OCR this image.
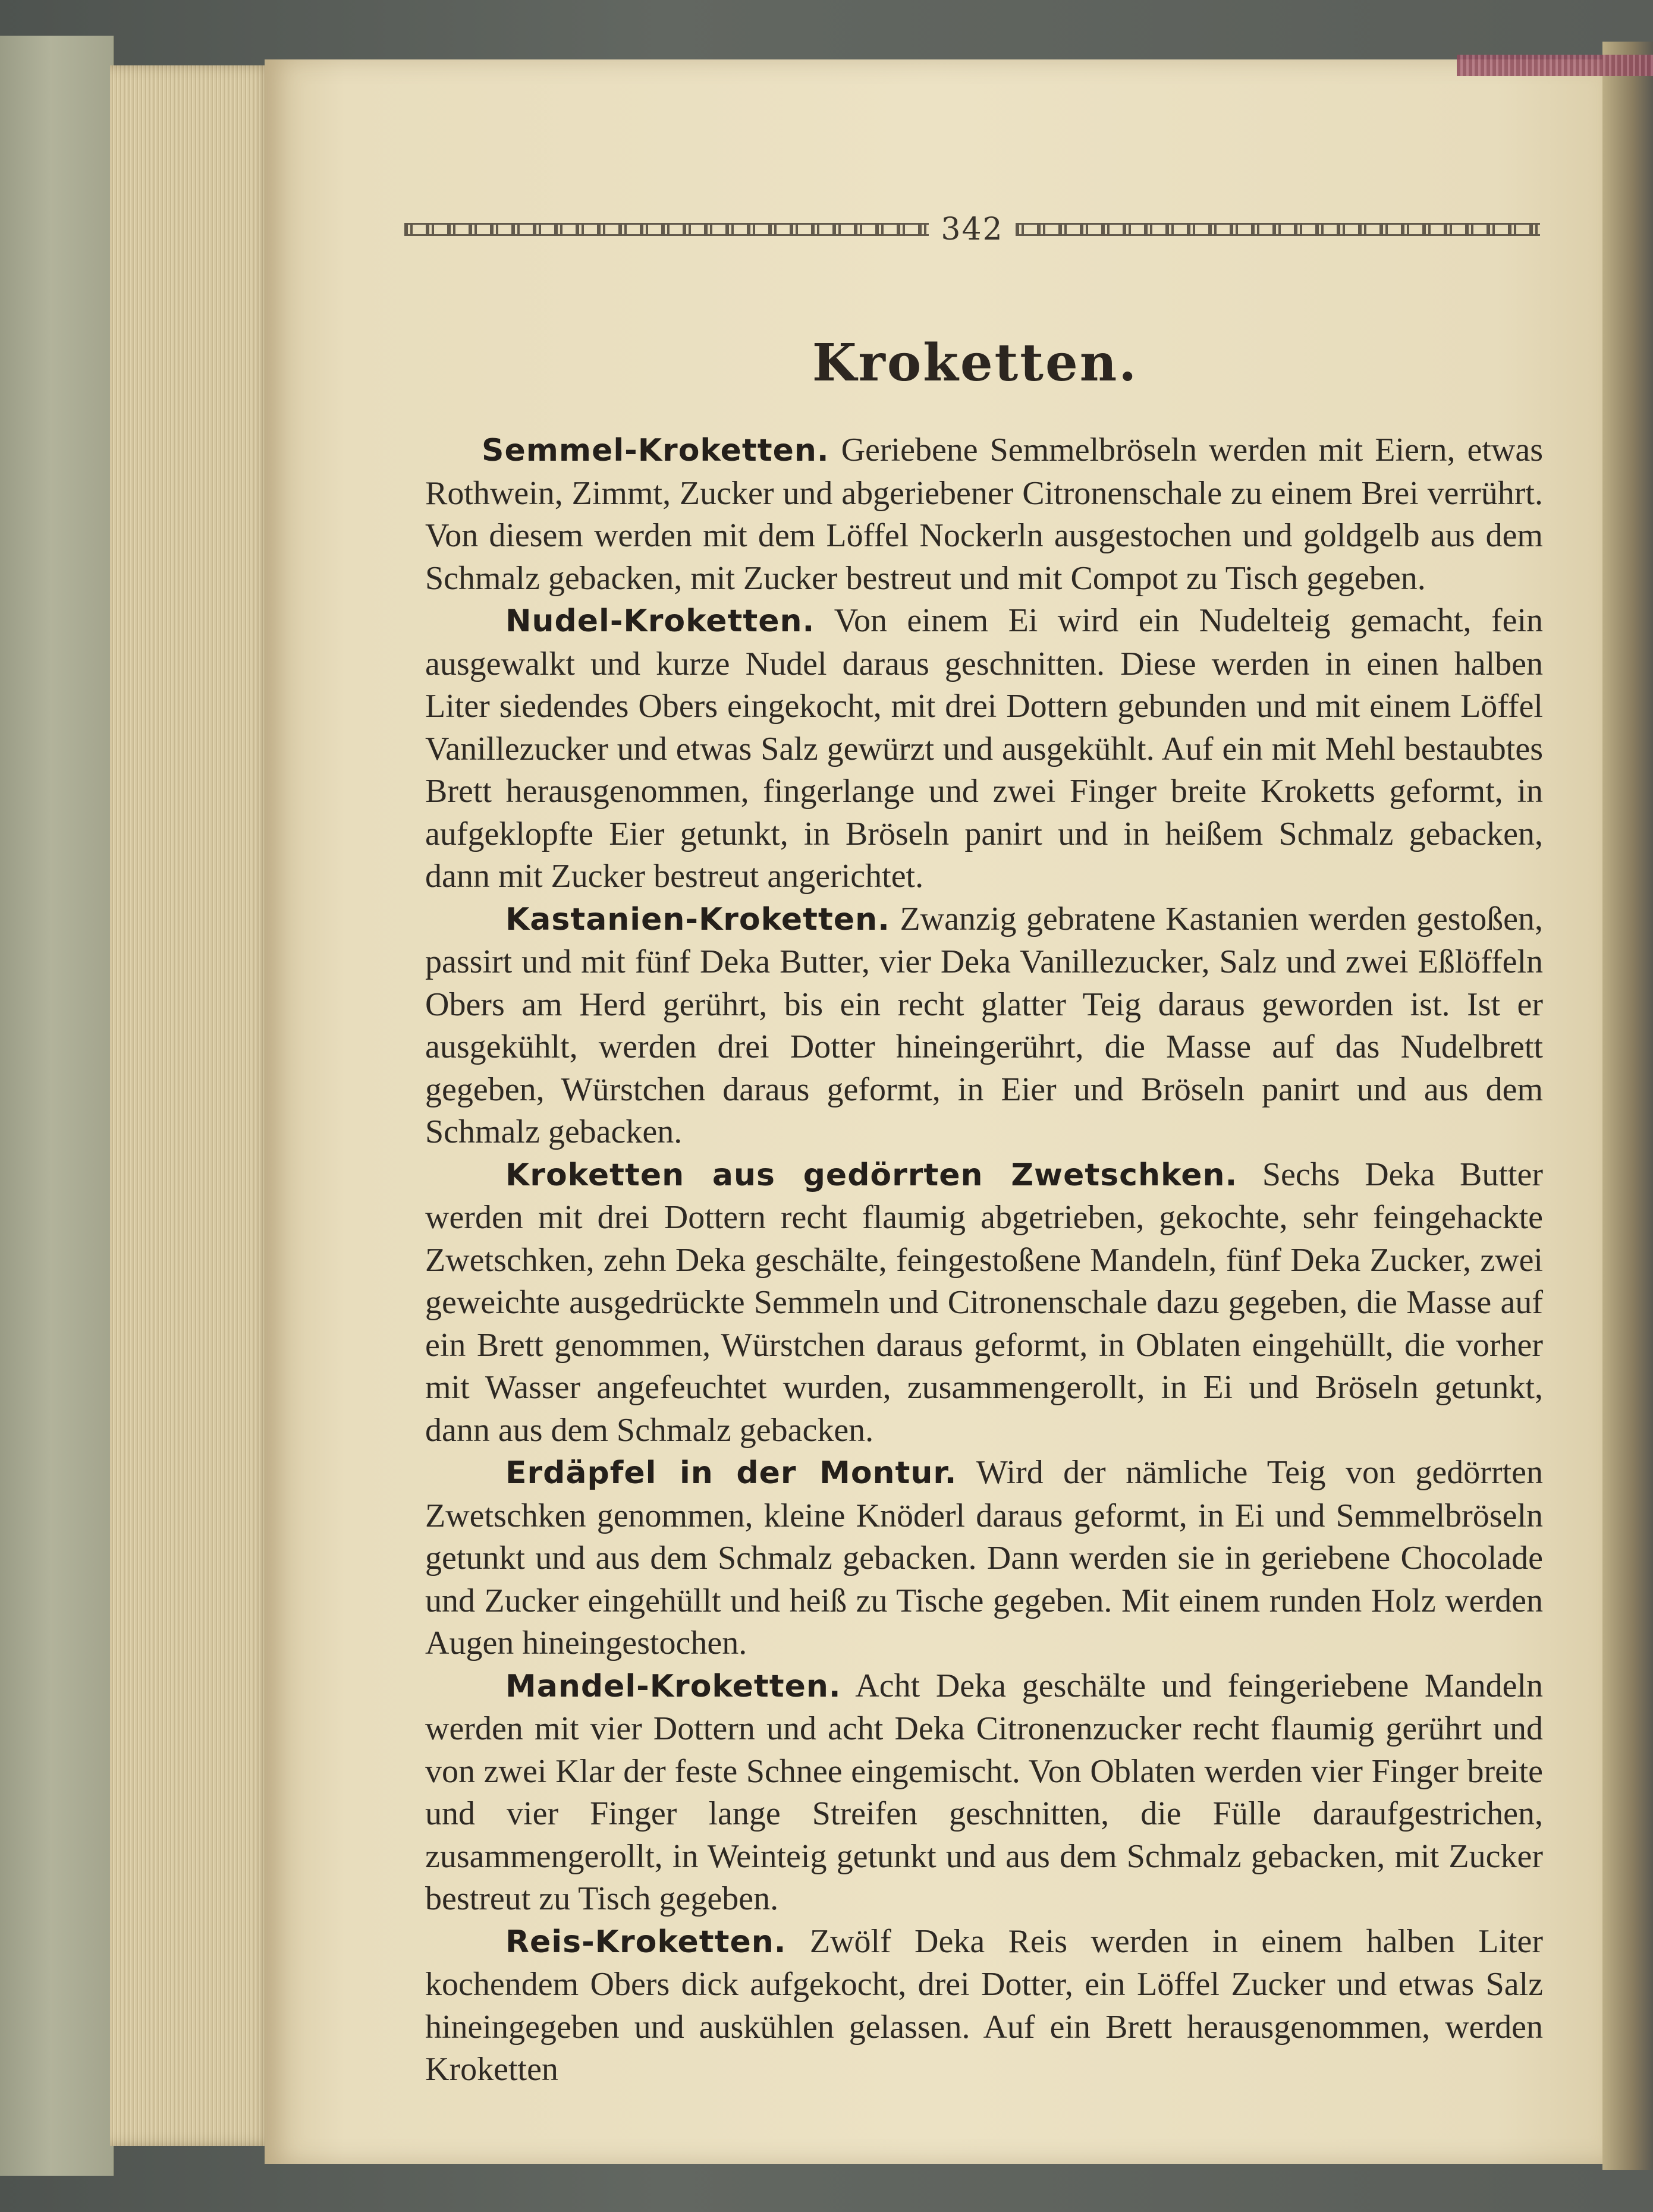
342
Kroketten.

Semmel-Kroketten. Geriebene Semmelbröseln werden mit Eiern, etwas Rothwein, Zimmt, Zucker und abgeriebener Citronenschale zu einem Brei verrührt. Von diesem werden mit dem Löffel Nockerln ausgestochen und goldgelb aus dem Schmalz gebacken, mit Zucker bestreut und mit Compot zu Tisch gegeben.

Nudel-Kroketten. Von einem Ei wird ein Nudelteig gemacht, fein ausgewalkt und kurze Nudel daraus geschnitten. Diese werden in einen halben Liter siedendes Obers eingekocht, mit drei Dottern gebunden und mit einem Löffel Vanillezucker und etwas Salz gewürzt und ausgekühlt. Auf ein mit Mehl bestaubtes Brett herausgenommen, fingerlange und zwei Finger breite Kroketts geformt, in aufgeklopfte Eier getunkt, in Bröseln panirt und in heißem Schmalz gebacken, dann mit Zucker bestreut angerichtet.

Kastanien-Kroketten. Zwanzig gebratene Kastanien werden gestoßen, passirt und mit fünf Deka Butter, vier Deka Vanillezucker, Salz und zwei Eßlöffeln Obers am Herd gerührt, bis ein recht glatter Teig daraus geworden ist. Ist er ausgekühlt, werden drei Dotter hineingerührt, die Masse auf das Nudelbrett gegeben, Würstchen daraus geformt, in Eier und Bröseln panirt und aus dem Schmalz gebacken.

Kroketten aus gedörrten Zwetschken. Sechs Deka Butter werden mit drei Dottern recht flaumig abgetrieben, gekochte, sehr feingehackte Zwetschken, zehn Deka geschälte, feingestoßene Mandeln, fünf Deka Zucker, zwei geweichte ausgedrückte Semmeln und Citronenschale dazu gegeben, die Masse auf ein Brett genommen, Würstchen daraus geformt, in Oblaten eingehüllt, die vorher mit Wasser angefeuchtet wurden, zusammengerollt, in Ei und Bröseln getunkt, dann aus dem Schmalz gebacken.

Erdäpfel in der Montur. Wird der nämliche Teig von gedörrten Zwetschken genommen, kleine Knöderl daraus geformt, in Ei und Semmelbröseln getunkt und aus dem Schmalz gebacken. Dann werden sie in geriebene Chocolade und Zucker eingehüllt und heiß zu Tische gegeben. Mit einem runden Holz werden Augen hineingestochen.

Mandel-Kroketten. Acht Deka geschälte und feingeriebene Mandeln werden mit vier Dottern und acht Deka Citronenzucker recht flaumig gerührt und von zwei Klar der feste Schnee eingemischt. Von Oblaten werden vier Finger breite und vier Finger lange Streifen geschnitten, die Fülle daraufgestrichen, zusammengerollt, in Weinteig getunkt und aus dem Schmalz gebacken, mit Zucker bestreut zu Tisch gegeben.

Reis-Kroketten. Zwölf Deka Reis werden in einem halben Liter kochendem Obers dick aufgekocht, drei Dotter, ein Löffel Zucker und etwas Salz hineingegeben und auskühlen gelassen. Auf ein Brett herausgenommen, werden Kroketten
